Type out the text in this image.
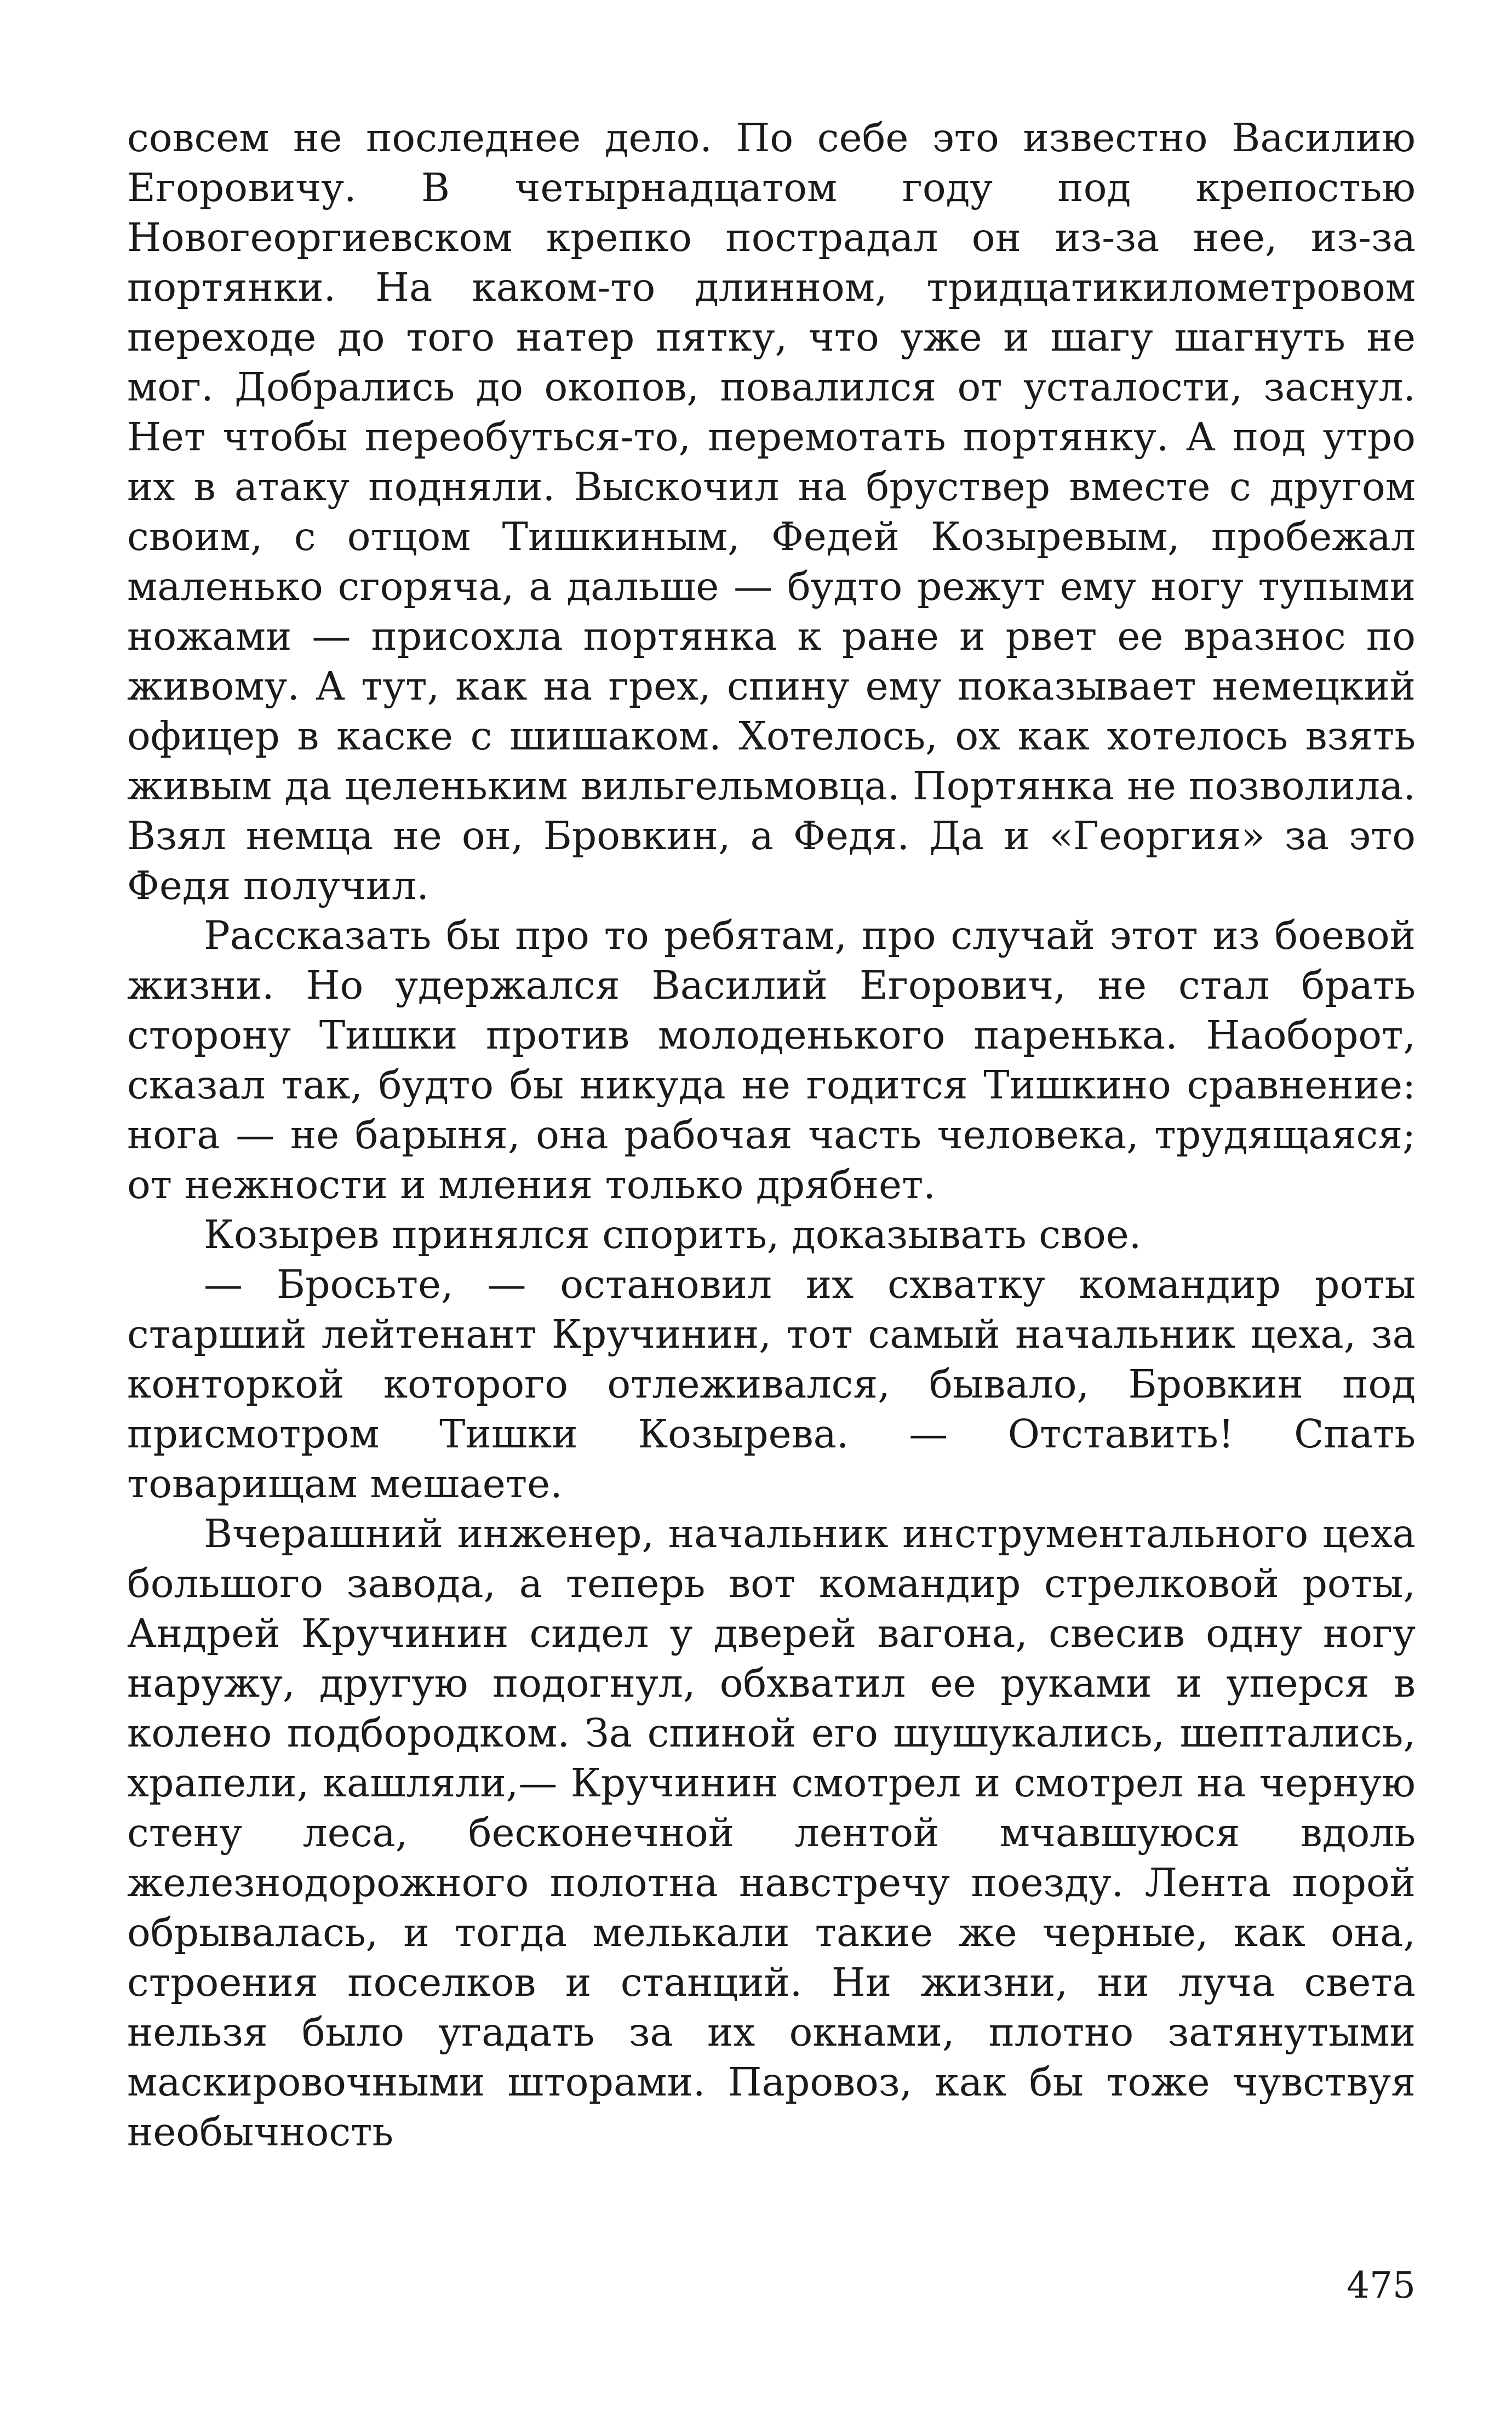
совсем не последнее дело. По себе это известно Василию Егоровичу. В четырнадцатом году под крепостью Новогеоргиевском крепко пострадал он из-за нее, из-за портянки. На каком-то длинном, тридцатикилометровом переходе до того натер пятку, что уже и шагу шагнуть не мог. Добрались до окопов, повалился от усталости, заснул. Нет чтобы переобуться-то, перемотать портянку. А под утро их в атаку подняли. Выскочил на бруствер вместе с другом своим, с отцом Тишкиным, Федей Козыревым, пробежал маленько сгоряча, а дальше — будто режут ему ногу тупыми ножами — присохла портянка к ране и рвет ее вразнос по живому. А тут, как на грех, спину ему показывает немецкий офицер в каске с шишаком. Хотелось, ох как хотелось взять живым да целеньким вильгельмовца. Портянка не позволила. Взял немца не он, Бровкин, а Федя. Да и «Георгия» за это Федя получил.

Рассказать бы про то ребятам, про случай этот из боевой жизни. Но удержался Василий Егорович, не стал брать сторону Тишки против молоденького паренька. Наоборот, сказал так, будто бы никуда не годится Тишкино сравнение: нога — не барыня, она рабочая часть человека, трудящаяся; от нежности и мления только дрябнет.

Козырев принялся спорить, доказывать свое.

— Бросьте, — остановил их схватку командир роты старший лейтенант Кручинин, тот самый начальник цеха, за конторкой которого отлеживался, бывало, Бровкин под присмотром Тишки Козырева. — Отставить! Спать товарищам мешаете.

Вчерашний инженер, начальник инструментального цеха большого завода, а теперь вот командир стрелковой роты, Андрей Кручинин сидел у дверей вагона, свесив одну ногу наружу, другую подогнул, обхватил ее руками и уперся в колено подбородком. За спиной его шушукались, шептались, храпели, кашляли,— Кручинин смотрел и смотрел на черную стену леса, бесконечной лентой мчавшуюся вдоль железнодорожного полотна навстречу поезду. Лента порой обрывалась, и тогда мелькали такие же черные, как она, строения поселков и станций. Ни жизни, ни луча света нельзя было угадать за их окнами, плотно затянутыми маскировочными шторами. Паровоз, как бы тоже чувствуя необычность

475
